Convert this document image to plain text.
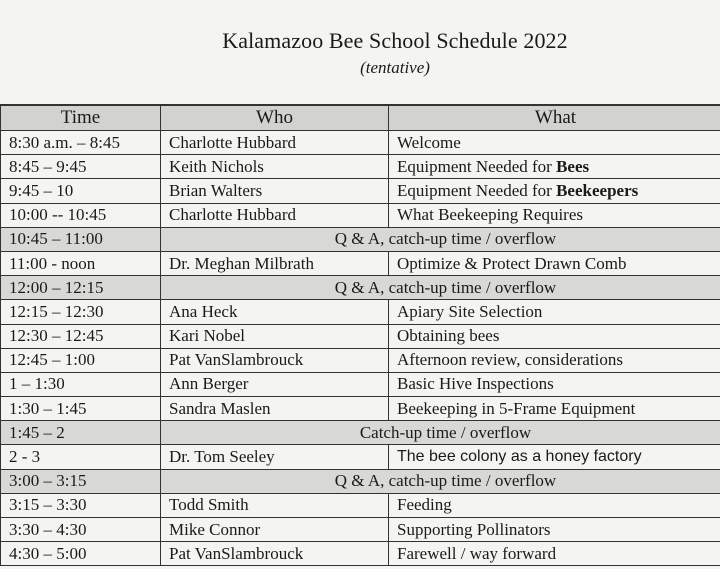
Kalamazoo Bee School Schedule 2022
(tentative)
Time	Who	What
8:30 a.m. – 8:45	Charlotte Hubbard	Welcome
8:45 – 9:45	Keith Nichols	Equipment Needed for Bees
9:45 – 10	Brian Walters	Equipment Needed for Beekeepers
10:00 -- 10:45	Charlotte Hubbard	What Beekeeping Requires
10:45 – 11:00	Q & A, catch-up time / overflow	
11:00 - noon	Dr. Meghan Milbrath	Optimize & Protect Drawn Comb
12:00 – 12:15	Q & A, catch-up time / overflow	
12:15 – 12:30	Ana Heck	Apiary Site Selection
12:30 – 12:45	Kari Nobel	Obtaining bees
12:45 – 1:00	Pat VanSlambrouck	Afternoon review, considerations
1 – 1:30	Ann Berger	Basic Hive Inspections
1:30 – 1:45	Sandra Maslen	Beekeeping in 5-Frame Equipment
1:45 – 2	Catch-up time / overflow	
2 - 3	Dr. Tom Seeley	The bee colony as a honey factory
3:00 – 3:15	Q & A, catch-up time / overflow	
3:15 – 3:30	Todd Smith	Feeding
3:30 – 4:30	Mike Connor	Supporting Pollinators
4:30 – 5:00	Pat VanSlambrouck	Farewell / way forward
